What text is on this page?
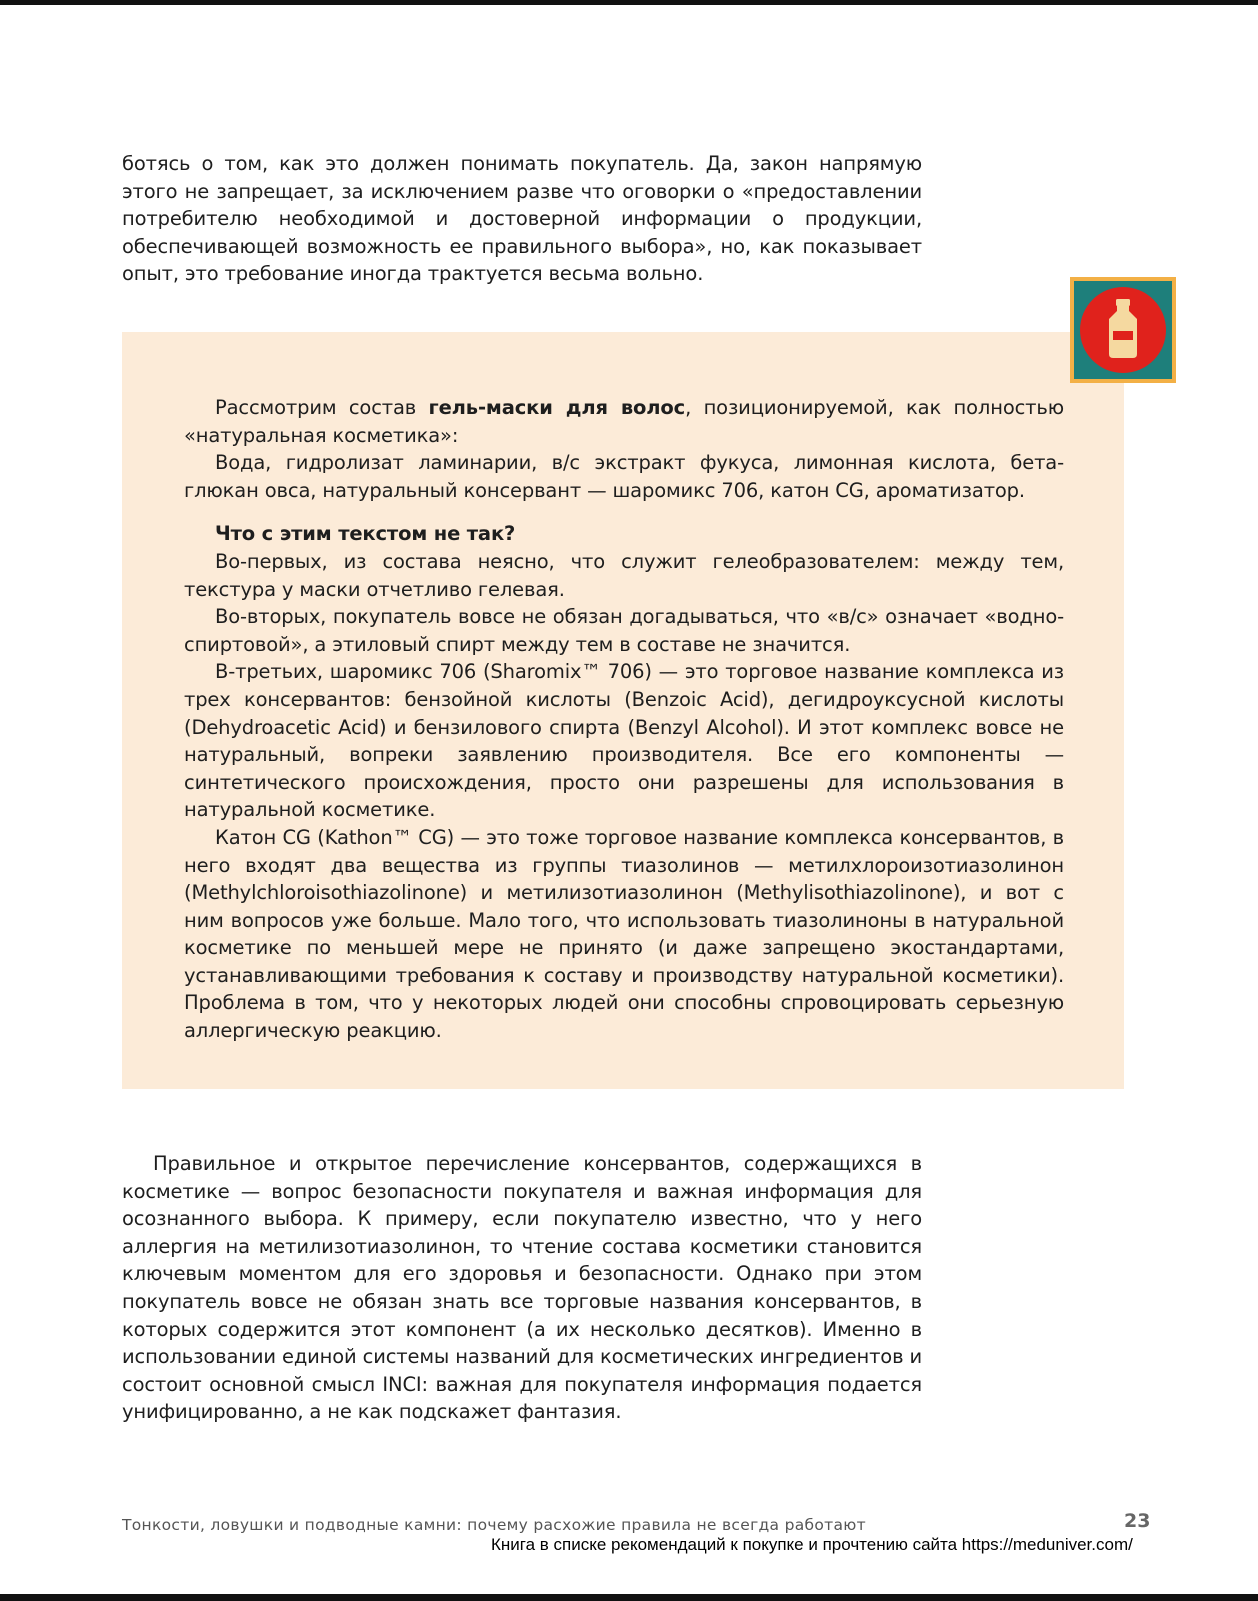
ботясь о том, как это должен понимать покупатель. Да, закон напрямую этого не запрещает, за исключением разве что оговорки о «предоставлении потребителю необходимой и достоверной информации о продукции, обеспечивающей возможность ее правильного выбора», но, как показывает опыт, это требование иногда трактуется весьма вольно.

Рассмотрим состав гель-маски для волос, позиционируемой, как полностью «натуральная косметика»:

Вода, гидролизат ламинарии, в/с экстракт фукуса, лимонная кислота, бета-глюкан овса, натуральный консервант — шаромикс 706, катон CG, ароматизатор.

Что с этим текстом не так?

Во-первых, из состава неясно, что служит гелеобразователем: между тем, текстура у маски отчетливо гелевая.

Во-вторых, покупатель вовсе не обязан догадываться, что «в/с» означает «водно-спиртовой», а этиловый спирт между тем в составе не значится.

В-третьих, шаромикс 706 (Sharomix™ 706) — это торговое название комплекса из трех консервантов: бензойной кислоты (Benzoic Acid), дегидроуксусной кислоты (Dehydroacetic Acid) и бензилового спирта (Benzyl Alcohol). И этот комплекс вовсе не натуральный, вопреки заявлению производителя. Все его компоненты — синтетического происхождения, просто они разрешены для использования в натуральной косметике.

Катон CG (Kathon™ CG) — это тоже торговое название комплекса консервантов, в него входят два вещества из группы тиазолинов — метилхлороизотиазолинон (Methylchloroisothiazolinone) и метилизотиазолинон (Methylisothiazolinone), и вот с ним вопросов уже больше. Мало того, что использовать тиазолиноны в натуральной косметике по меньшей мере не принято (и даже запрещено экостандартами, устанавливающими требования к составу и производству натуральной косметики). Проблема в том, что у некоторых людей они способны спровоцировать серьезную аллергическую реакцию.

Правильное и открытое перечисление консервантов, содержащихся в косметике — вопрос безопасности покупателя и важная информация для осознанного выбора. К примеру, если покупателю известно, что у него аллергия на метилизотиазолинон, то чтение состава косметики становится ключевым моментом для его здоровья и безопасности. Однако при этом покупатель вовсе не обязан знать все торговые названия консервантов, в которых содержится этот компонент (а их несколько десятков). Именно в использовании единой системы названий для косметических ингредиентов и состоит основной смысл INCI: важная для покупателя информация подается унифицированно, а не как подскажет фантазия.

Тонкости, ловушки и подводные камни: почему расхожие правила не всегда работают	23
Книга в списке рекомендаций к покупке и прочтению сайта https://meduniver.com/
